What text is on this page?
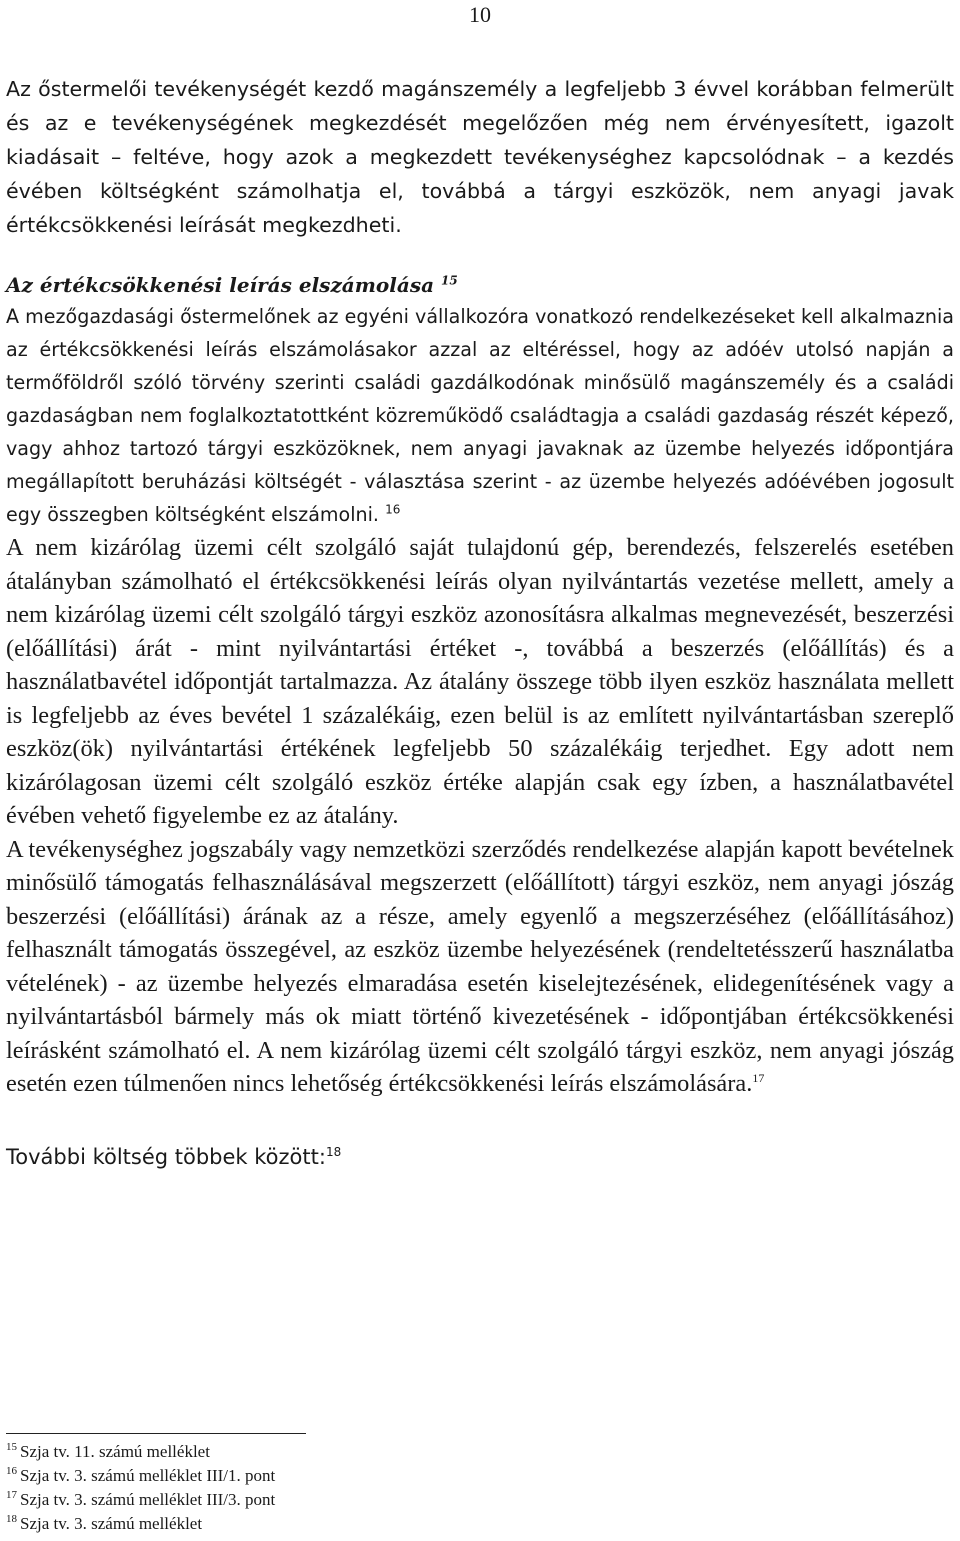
10

Az őstermelői tevékenységét kezdő magánszemély a legfeljebb 3 évvel korábban felmerült és az e tevékenységének megkezdését megelőzően még nem érvényesített, igazolt kiadásait – feltéve, hogy azok a megkezdett tevékenységhez kapcsolódnak – a kezdés évében költségként számolhatja el, továbbá a tárgyi eszközök, nem anyagi javak értékcsökkenési leírását megkezdheti.

Az értékcsökkenési leírás elszámolása $^{15}$

A mezőgazdasági őstermelőnek az egyéni vállalkozóra vonatkozó rendelkezéseket kell alkalmaznia az értékcsökkenési leírás elszámolásakor azzal az eltéréssel, hogy az adóév utolsó napján a termőföldről szóló törvény szerinti családi gazdálkodónak minősülő magánszemély és a családi gazdaságban nem foglalkoztatottként közreműködő családtagja a családi gazdaság részét képező, vagy ahhoz tartozó tárgyi eszközöknek, nem anyagi javaknak az üzembe helyezés időpontjára megállapított beruházási költségét - választása szerint - az üzembe helyezés adóévében jogosult egy összegben költségként elszámolni. $^{16}$

A nem kizárólag üzemi célt szolgáló saját tulajdonú gép, berendezés, felszerelés esetében átalányban számolható el értékcsökkenési leírás olyan nyilvántartás vezetése mellett, amely a nem kizárólag üzemi célt szolgáló tárgyi eszköz azonosításra alkalmas megnevezését, beszerzési (előállítási) árát - mint nyilvántartási értéket -, továbbá a beszerzés (előállítás) és a használatbavétel időpontját tartalmazza. Az átalány összege több ilyen eszköz használata mellett is legfeljebb az éves bevétel 1 százalékáig, ezen belül is az említett nyilvántartásban szereplő eszköz(ök) nyilvántartási értékének legfeljebb 50 százalékáig terjedhet. Egy adott nem kizárólagosan üzemi célt szolgáló eszköz értéke alapján csak egy ízben, a használatbavétel évében vehető figyelembe ez az átalány.

A tevékenységhez jogszabály vagy nemzetközi szerződés rendelkezése alapján kapott bevételnek minősülő támogatás felhasználásával megszerzett (előállított) tárgyi eszköz, nem anyagi jószág beszerzési (előállítási) árának az a része, amely egyenlő a megszerzéséhez (előállításához) felhasznált támogatás összegével, az eszköz üzembe helyezésének (rendeltetésszerű használatba vételének) - az üzembe helyezés elmaradása esetén kiselejtezésének, elidegenítésének vagy a nyilvántartásból bármely más ok miatt történő kivezetésének - időpontjában értékcsökkenési leírásként számolható el. A nem kizárólag üzemi célt szolgáló tárgyi eszköz, nem anyagi jószág esetén ezen túlmenően nincs lehetőség értékcsökkenési leírás elszámolására.$^{17}$

További költség többek között:$^{18}$

$^{15}$ Szja tv. 11. számú melléklet

$^{16}$ Szja tv. 3. számú melléklet III/1. pont

$^{17}$ Szja tv. 3. számú melléklet III/3. pont

$^{18}$ Szja tv. 3. számú melléklet
